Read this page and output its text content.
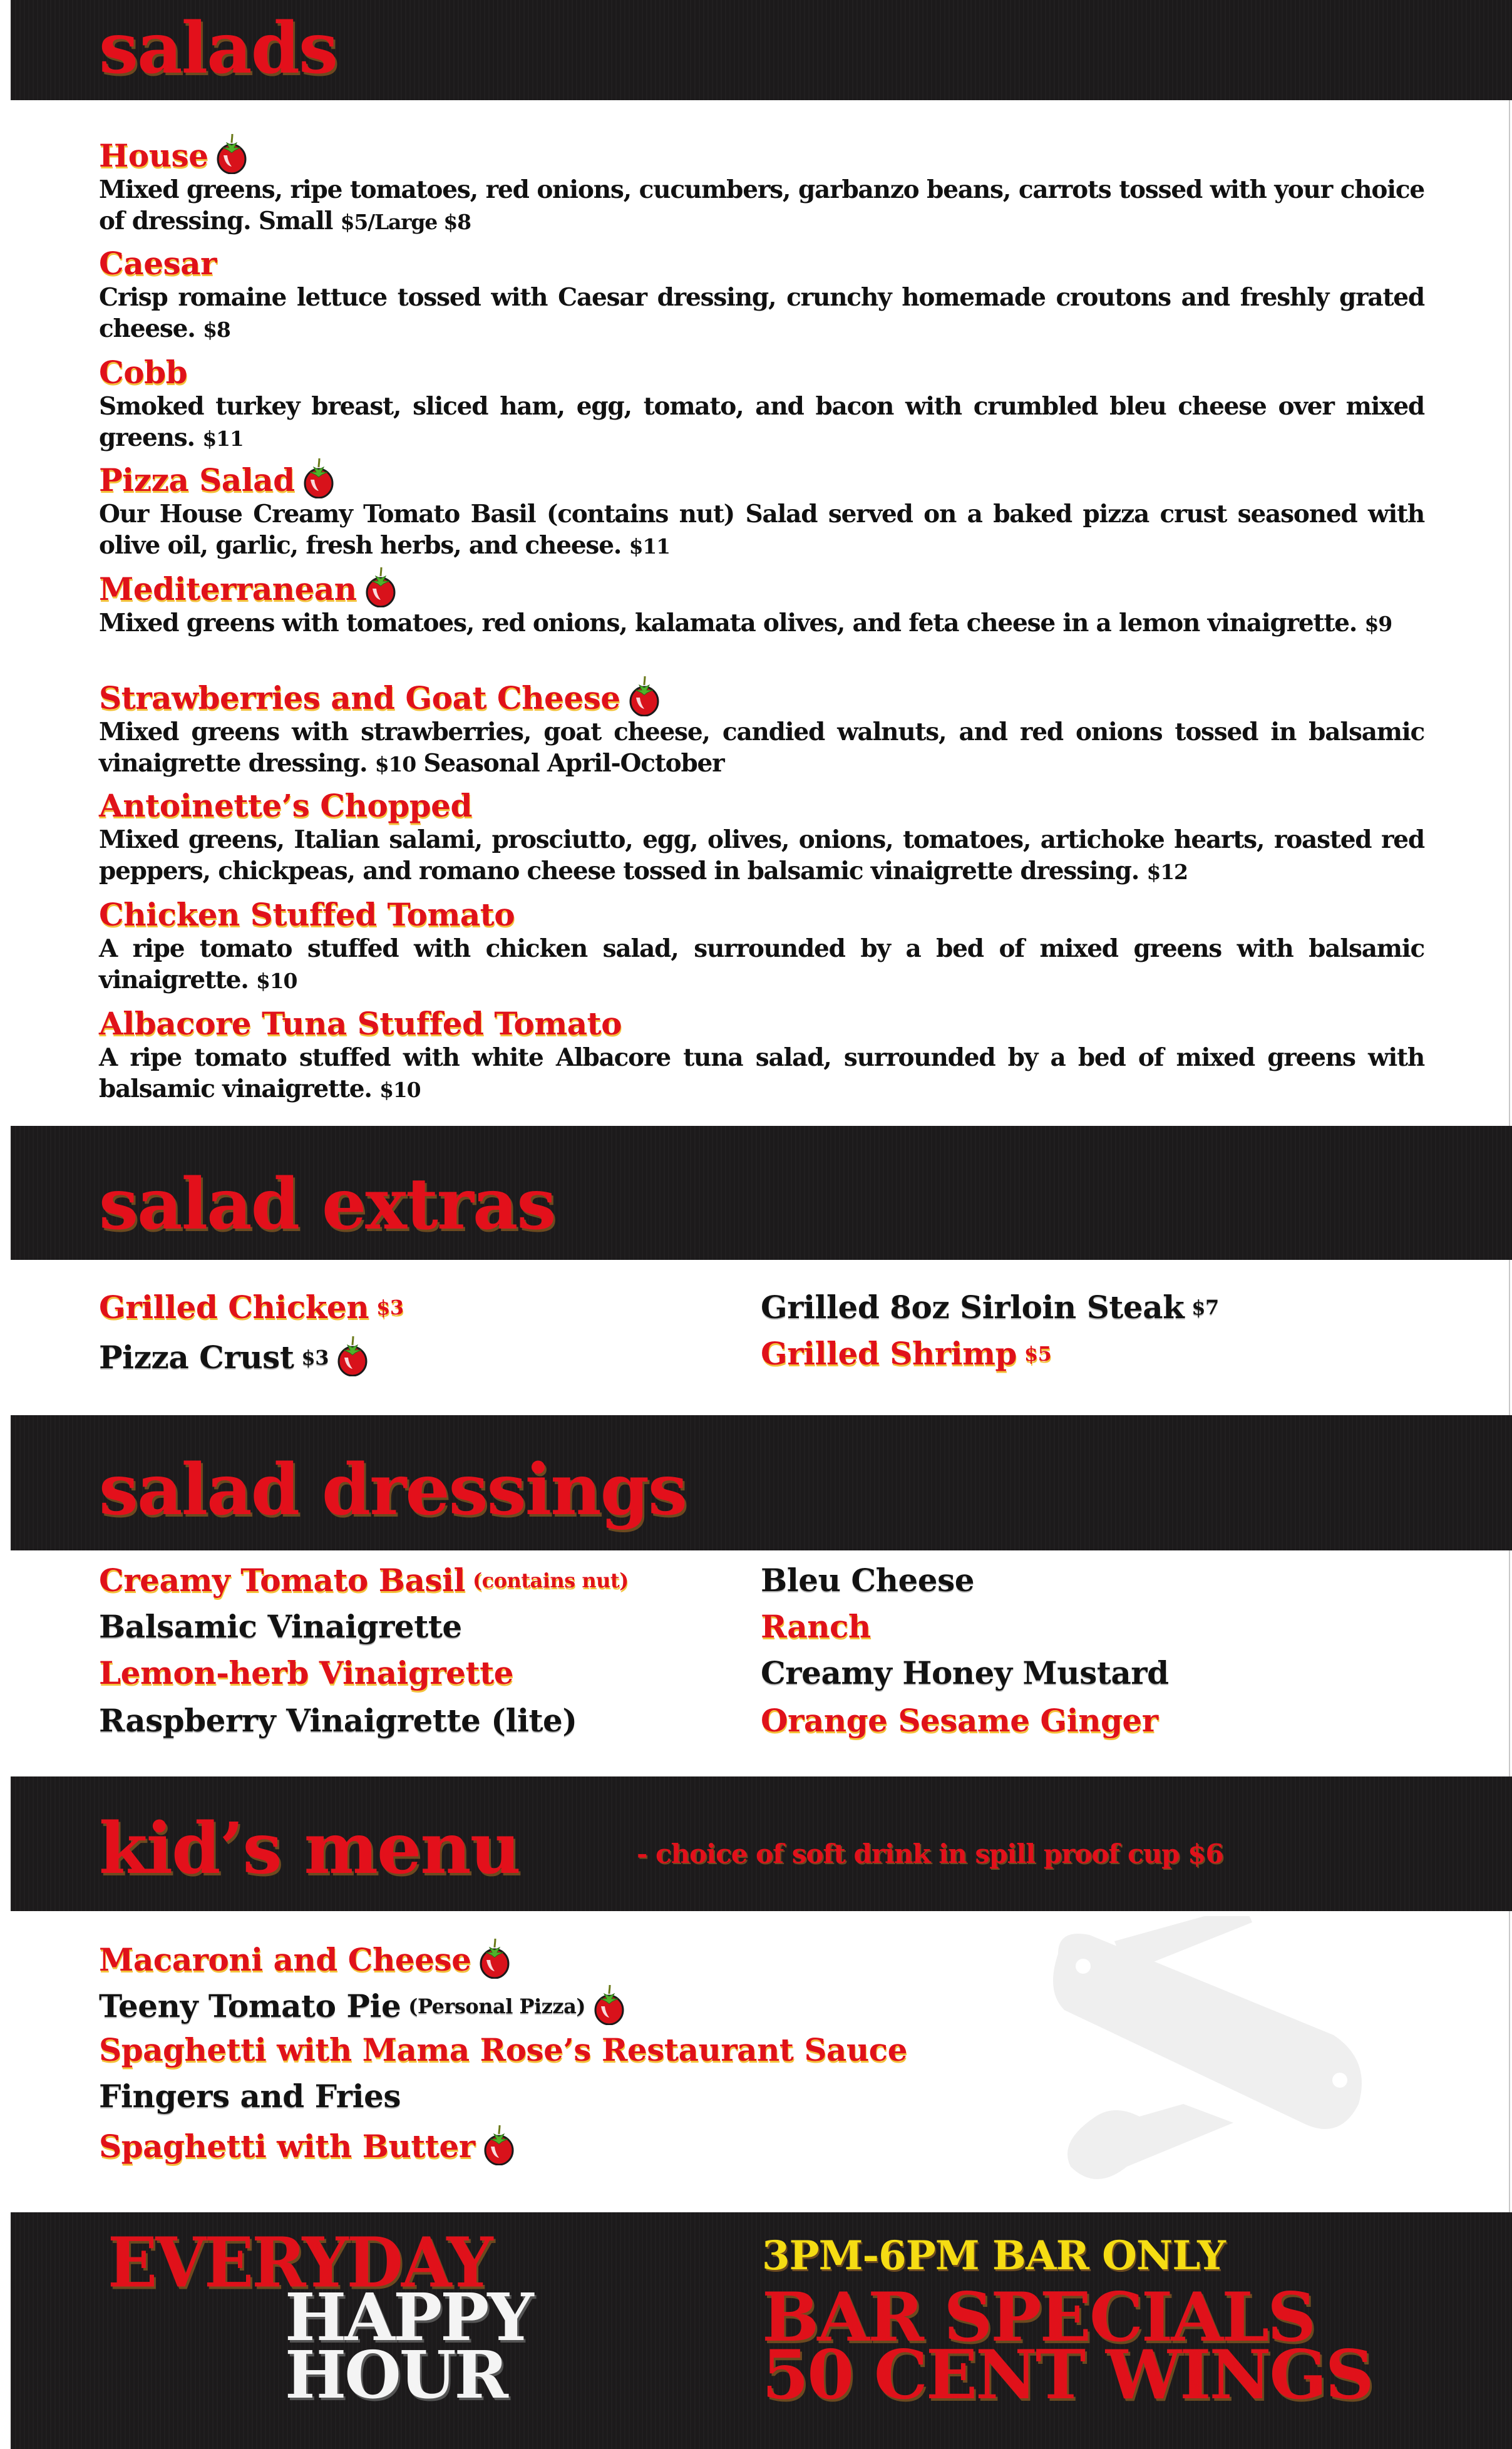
salads
House
Mixed greens, ripe tomatoes, red onions, cucumbers, garbanzo beans, carrots tossed with your choice of dressing. Small $5/Large $8
Caesar
Crisp romaine lettuce tossed with Caesar dressing, crunchy homemade croutons and freshly grated cheese. $8
Cobb
Smoked turkey breast, sliced ham, egg, tomato, and bacon with crumbled bleu cheese over mixed greens. $11
Pizza Salad
Our House Creamy Tomato Basil (contains nut) Salad served on a baked pizza crust seasoned with olive oil, garlic, fresh herbs, and cheese. $11
Mediterranean
Mixed greens with tomatoes, red onions, kalamata olives, and feta cheese in a lemon vinaigrette. $9
Strawberries and Goat Cheese
Mixed greens with strawberries, goat cheese, candied walnuts, and red onions tossed in balsamic vinaigrette dressing. $10 Seasonal April-October
Antoinette’s Chopped
Mixed greens, Italian salami, prosciutto, egg, olives, onions, tomatoes, artichoke hearts, roasted red peppers, chickpeas, and romano cheese tossed in balsamic vinaigrette dressing. $12
Chicken Stuffed Tomato
A ripe tomato stuffed with chicken salad, surrounded by a bed of mixed greens with balsamic vinaigrette. $10
Albacore Tuna Stuffed Tomato
A ripe tomato stuffed with white Albacore tuna salad, surrounded by a bed of mixed greens with balsamic vinaigrette. $10
salad extras
Grilled Chicken $3
Pizza Crust $3
Grilled 8oz Sirloin Steak $7
Grilled Shrimp $5
salad dressings
Creamy Tomato Basil (contains nut)
Balsamic Vinaigrette
Lemon-herb Vinaigrette
Raspberry Vinaigrette (lite)
Bleu Cheese
Ranch
Creamy Honey Mustard
Orange Sesame Ginger
kid’s menu	- choice of soft drink in spill proof cup $6
Macaroni and Cheese
Teeny Tomato Pie (Personal Pizza)
Spaghetti with Mama Rose’s Restaurant Sauce
Fingers and Fries
Spaghetti with Butter
EVERYDAY
HAPPY
HOUR
3PM-6PM BAR ONLY
BAR SPECIALS
50 CENT WINGS
